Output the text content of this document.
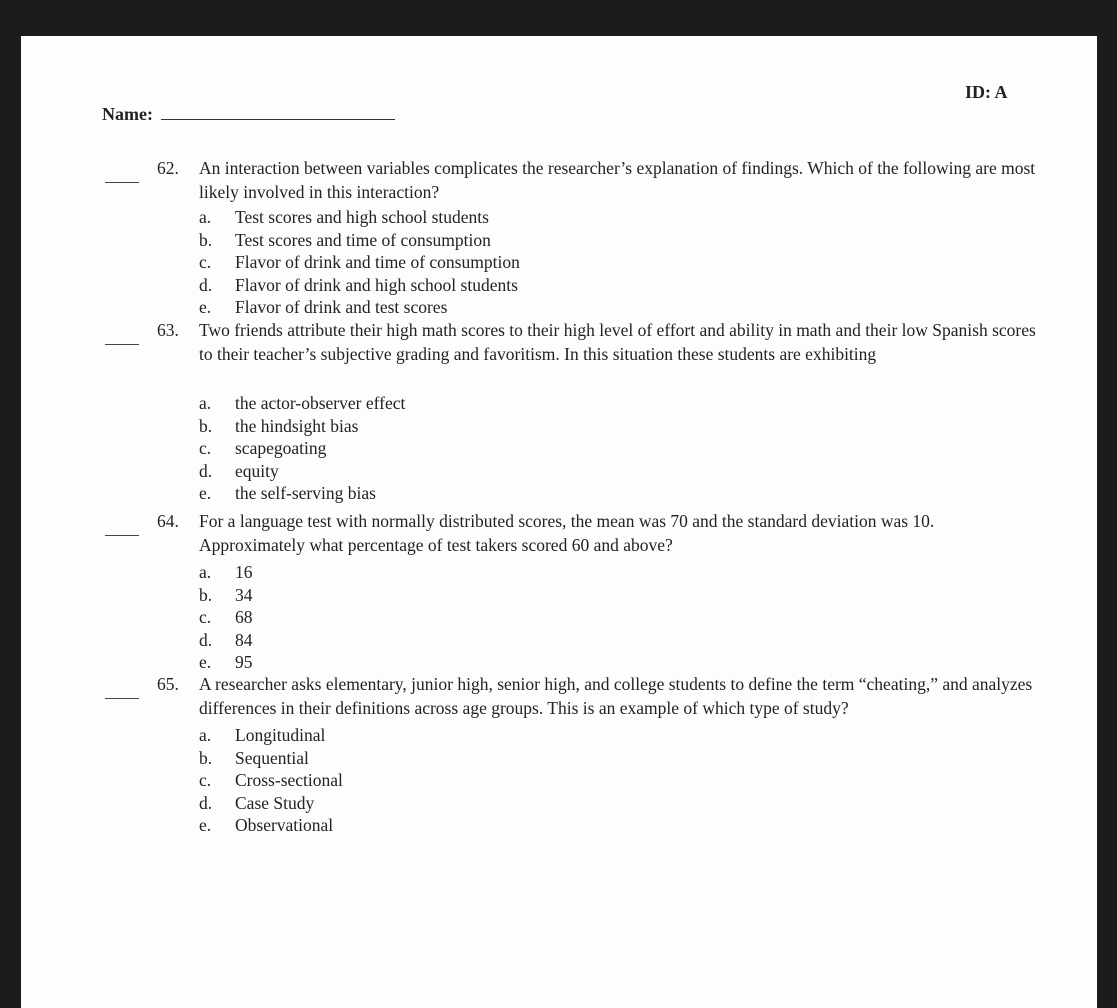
ID: A
Name:
62. An interaction between variables complicates the researcher’s explanation of findings. Which of the following are most likely involved in this interaction?
a. Test scores and high school students
b. Test scores and time of consumption
c. Flavor of drink and time of consumption
d. Flavor of drink and high school students
e. Flavor of drink and test scores
63. Two friends attribute their high math scores to their high level of effort and ability in math and their low Spanish scores to their teacher’s subjective grading and favoritism. In this situation these students are exhibiting
a. the actor-observer effect
b. the hindsight bias
c. scapegoating
d. equity
e. the self-serving bias
64. For a language test with normally distributed scores, the mean was 70 and the standard deviation was 10. Approximately what percentage of test takers scored 60 and above?
a. 16
b. 34
c. 68
d. 84
e. 95
65. A researcher asks elementary, junior high, senior high, and college students to define the term “cheating,” and analyzes differences in their definitions across age groups. This is an example of which type of study?
a. Longitudinal
b. Sequential
c. Cross-sectional
d. Case Study
e. Observational
